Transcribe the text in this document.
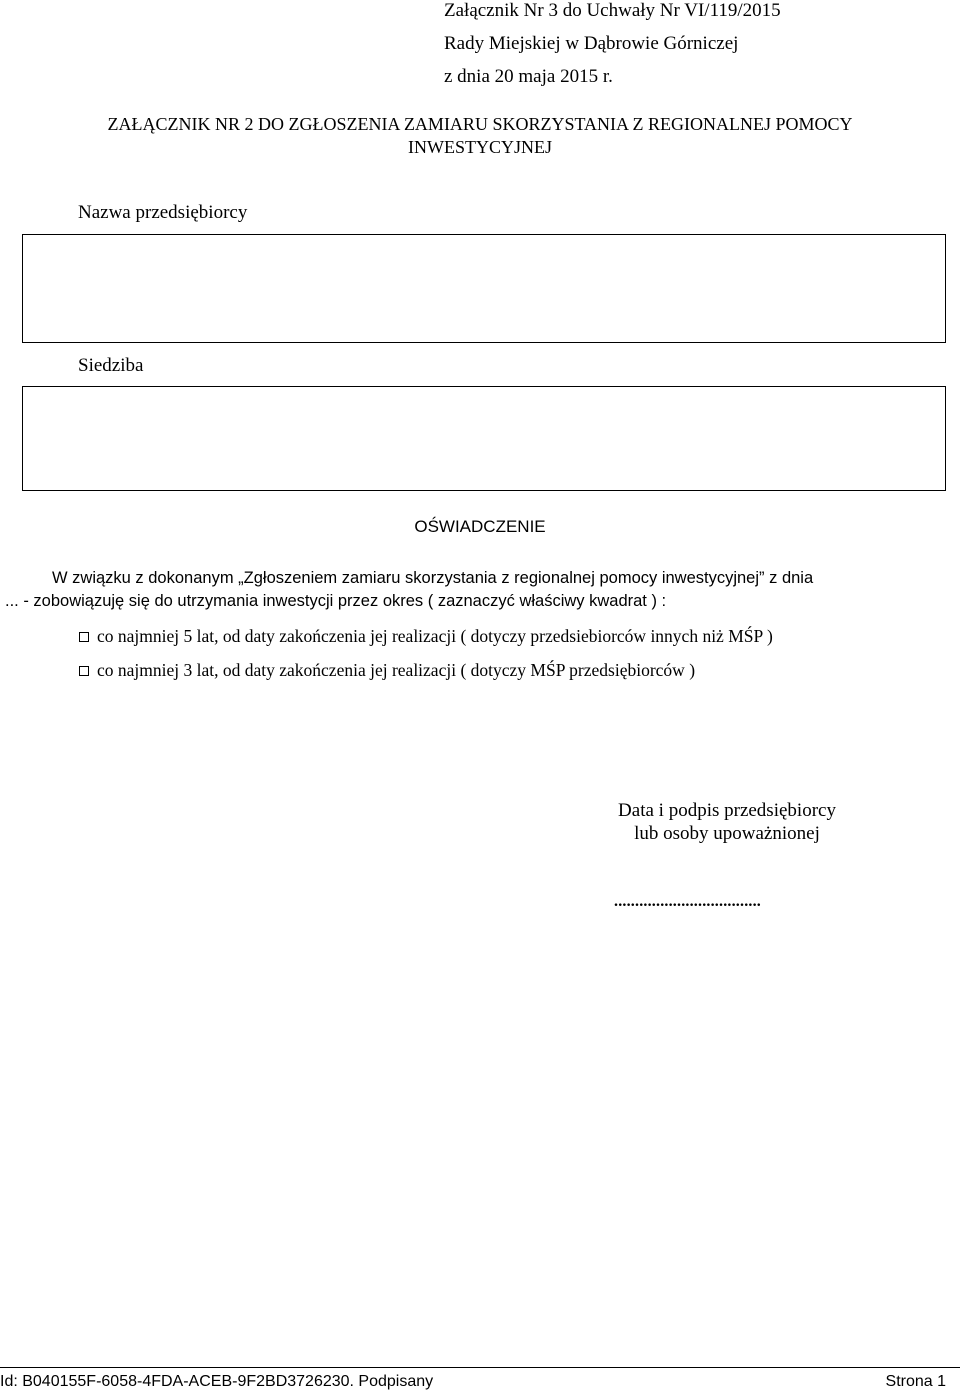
Załącznik Nr 3 do Uchwały Nr VI/119/2015
Rady Miejskiej w Dąbrowie Górniczej
z dnia 20 maja 2015 r.
ZAŁĄCZNIK NR 2 DO ZGŁOSZENIA ZAMIARU SKORZYSTANIA Z REGIONALNEJ POMOCY
INWESTYCYJNEJ
Nazwa przedsiębiorcy
Siedziba
OŚWIADCZENIE
W związku z dokonanym „Zgłoszeniem zamiaru skorzystania z regionalnej pomocy inwestycyjnej” z dnia
... - zobowiązuję się do utrzymania inwestycji przez okres ( zaznaczyć właściwy kwadrat ) :
co najmniej 5 lat, od daty zakończenia jej realizacji ( dotyczy przedsiebiorców innych niż MŚP )
co najmniej 3 lat, od daty zakończenia jej realizacji ( dotyczy MŚP przedsiębiorców )
Data i podpis przedsiębiorcy
lub osoby upoważnionej
...................................
Id: B040155F-6058-4FDA-ACEB-9F2BD3726230. Podpisany	Strona 1
